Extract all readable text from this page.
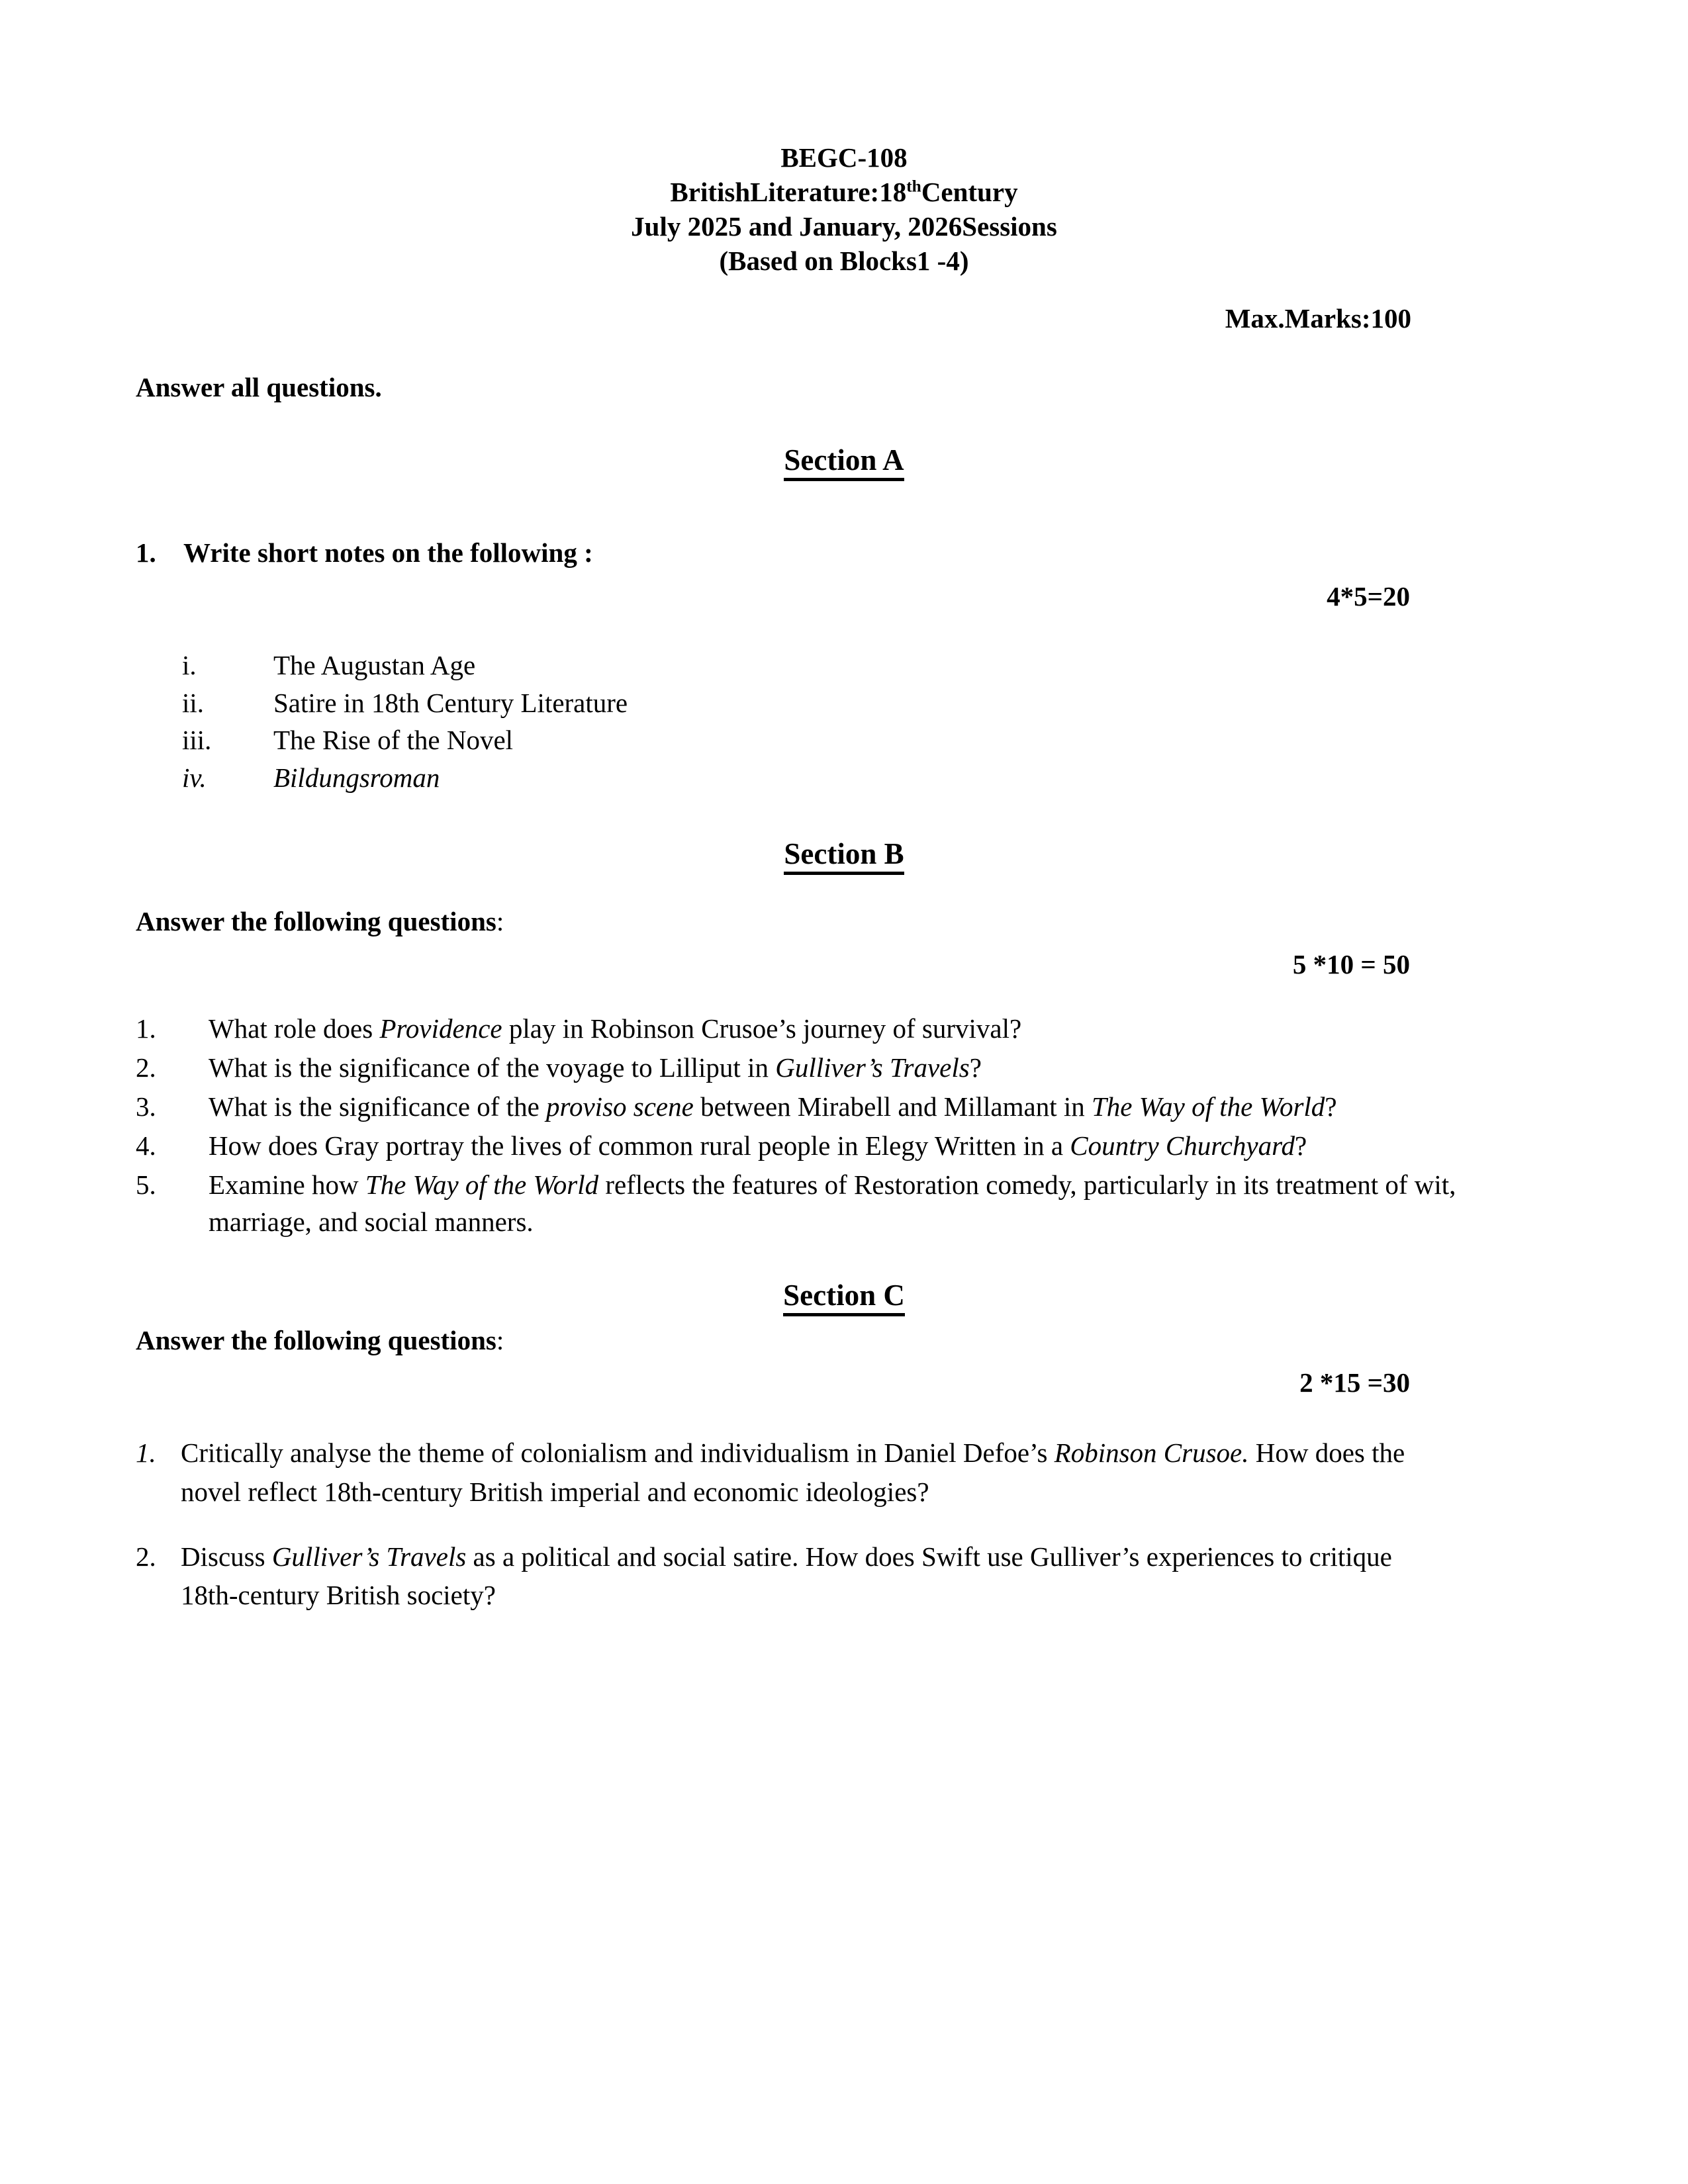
BEGC-108
BritishLiterature:18thCentury
July 2025 and January, 2026Sessions
(Based on Blocks1 -4)
Max.Marks:100
Answer all questions.
Section A
1.	Write short notes on the following :
4*5=20
i.	The Augustan Age
ii.	Satire in 18th Century Literature
iii.	The Rise of the Novel
iv.	Bildungsroman
Section B
Answer the following questions:
5 *10 = 50
1.	What role does Providence play in Robinson Crusoe’s journey of survival?
2.	What is the significance of the voyage to Lilliput in Gulliver’s Travels?
3.	What is the significance of the proviso scene between Mirabell and Millamant in The Way of the World?
4.	How does Gray portray the lives of common rural people in Elegy Written in a Country Churchyard?
5.	Examine how The Way of the World reflects the features of Restoration comedy, particularly in its treatment of wit, marriage, and social manners.
Section C
Answer the following questions:
2 *15 =30
1. Critically analyse the theme of colonialism and individualism in Daniel Defoe’s Robinson Crusoe. How does the novel reflect 18th-century British imperial and economic ideologies?
2. Discuss Gulliver’s Travels as a political and social satire. How does Swift use Gulliver’s experiences to critique 18th-century British society?
